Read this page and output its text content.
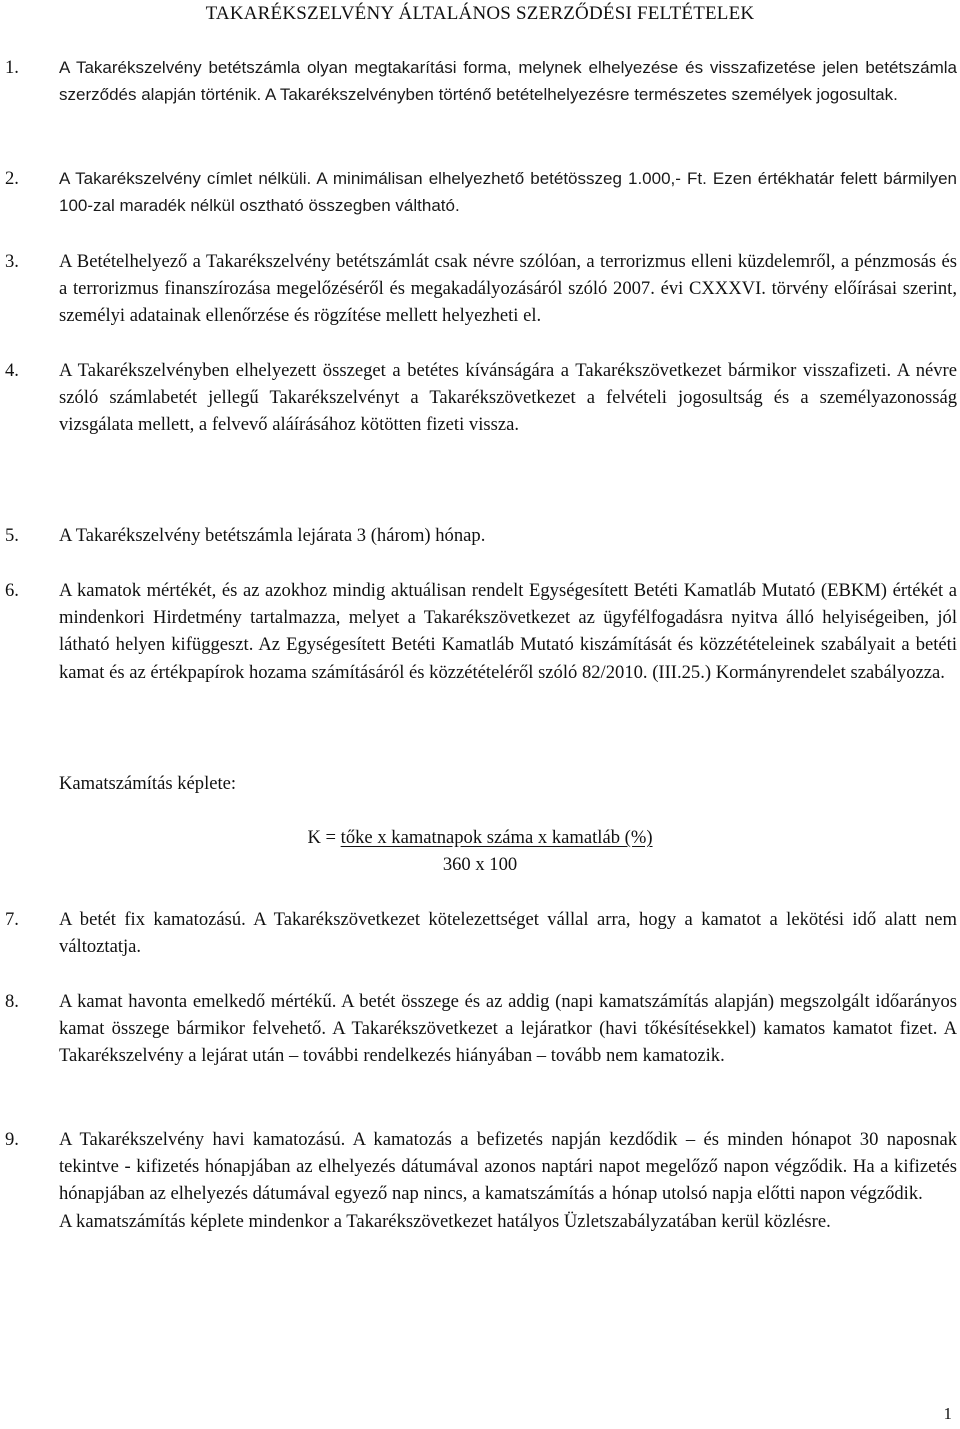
TAKARÉKSZELVÉNY ÁLTALÁNOS SZERZŐDÉSI FELTÉTELEK
1. A Takarékszelvény betétszámla olyan megtakarítási forma, melynek elhelyezése és visszafizetése jelen betétszámla szerződés alapján történik. A Takarékszelvényben történő betételhelyezésre természetes személyek jogosultak.
2. A Takarékszelvény címlet nélküli. A minimálisan elhelyezhető betétösszeg 1.000,- Ft. Ezen értékhatár felett bármilyen 100-zal maradék nélkül osztható összegben váltható.
3. A Betételhelyező a Takarékszelvény betétszámlát csak névre szólóan, a terrorizmus elleni küzdelemről, a pénzmosás és a terrorizmus finanszírozása megelőzéséről és megakadályozásáról szóló 2007. évi CXXXVI. törvény előírásai szerint, személyi adatainak ellenőrzése és rögzítése mellett helyezheti el.
4. A Takarékszelvényben elhelyezett összeget a betétes kívánságára a Takarékszövetkezet bármikor visszafizeti. A névre szóló számlabetét jellegű Takarékszelvényt a Takarékszövetkezet a felvételi jogosultság és a személyazonosság vizsgálata mellett, a felvevő aláírásához kötötten fizeti vissza.
5. A Takarékszelvény betétszámla lejárata 3 (három) hónap.
6. A kamatok mértékét, és az azokhoz mindig aktuálisan rendelt Egységesített Betéti Kamatláb Mutató (EBKM) értékét a mindenkori Hirdetmény tartalmazza, melyet a Takarékszövetkezet az ügyfélfogadásra nyitva álló helyiségeiben, jól látható helyen kifüggeszt. Az Egységesített Betéti Kamatláb Mutató kiszámítását és közzétételeinek szabályait a betéti kamat és az értékpapírok hozama számításáról és közzétételéről szóló 82/2010. (III.25.) Kormányrendelet szabályozza.
Kamatszámítás képlete:
K = tőke x kamatnapok száma x kamatláb (%)
360 x 100
7. A betét fix kamatozású. A Takarékszövetkezet kötelezettséget vállal arra, hogy a kamatot a lekötési idő alatt nem változtatja.
8. A kamat havonta emelkedő mértékű. A betét összege és az addig (napi kamatszámítás alapján) megszolgált időarányos kamat összege bármikor felvehető. A Takarékszövetkezet a lejáratkor (havi tőkésítésekkel) kamatos kamatot fizet. A Takarékszelvény a lejárat után – további rendelkezés hiányában – tovább nem kamatozik.
9. A Takarékszelvény havi kamatozású. A kamatozás a befizetés napján kezdődik – és minden hónapot 30 naposnak tekintve - kifizetés hónapjában az elhelyezés dátumával azonos naptári napot megelőző napon végződik. Ha a kifizetés hónapjában az elhelyezés dátumával egyező nap nincs, a kamatszámítás a hónap utolsó napja előtti napon végződik.

A kamatszámítás képlete mindenkor a Takarékszövetkezet hatályos Üzletszabályzatában kerül közlésre.

1
